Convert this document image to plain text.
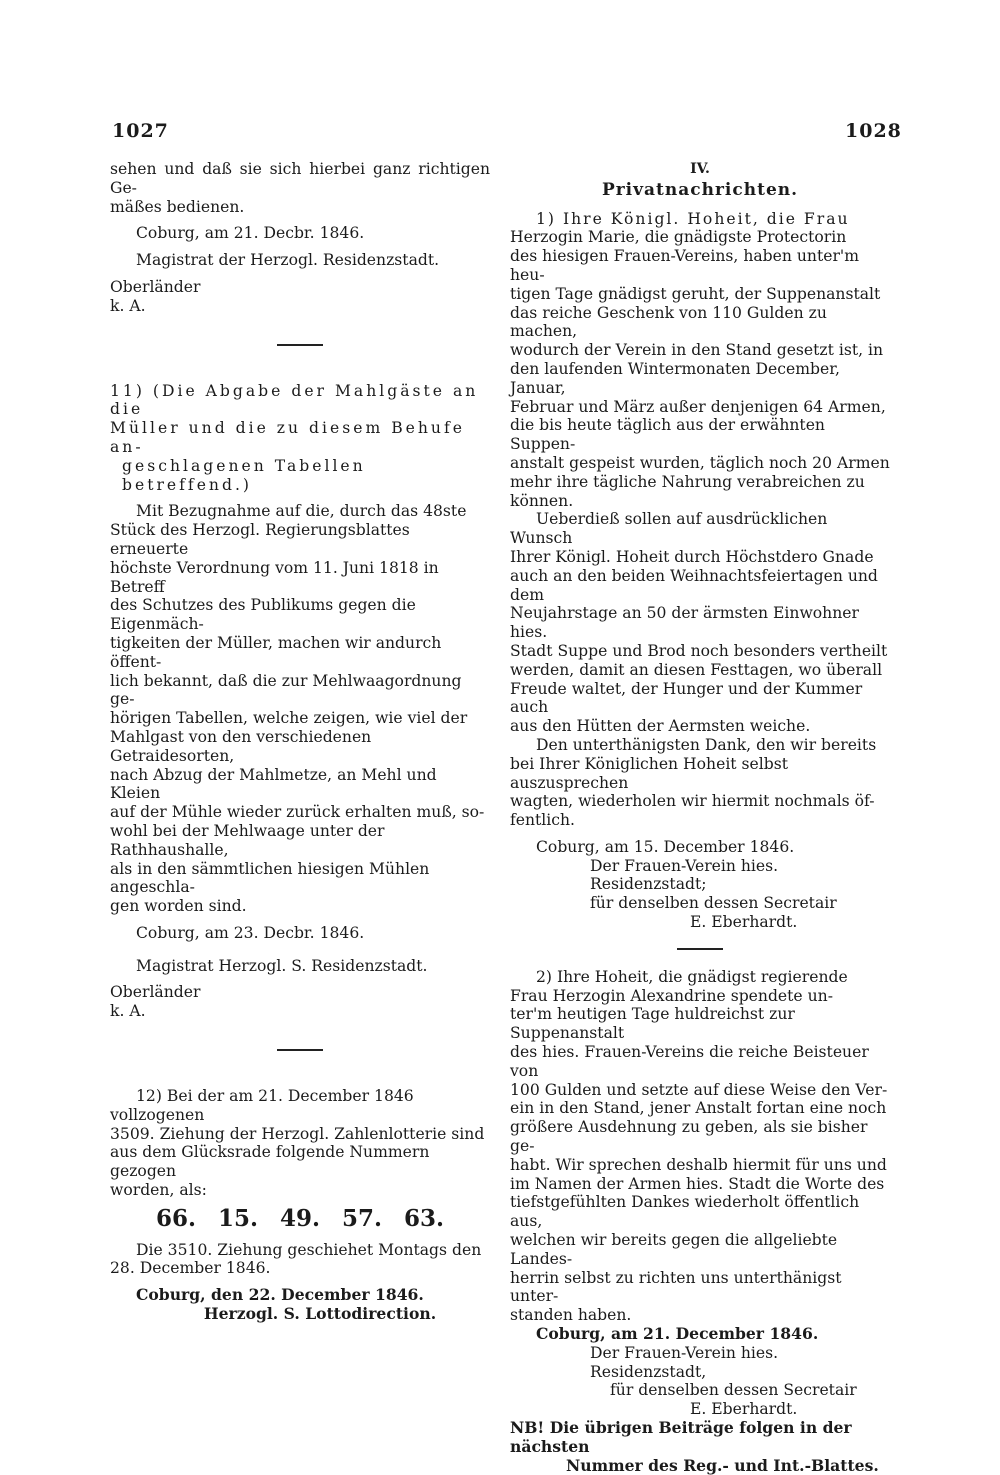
1027	1028

sehen und daß sie sich hierbei ganz richtigen Ge-

mäßes bedienen.

Coburg, am 21. Decbr. 1846.

Magistrat der Herzogl. Residenzstadt.

Oberländer

k. A.

11) (Die Abgabe der Mahlgäste an die

Müller und die zu diesem Behufe an-

geschlagenen Tabellen betreffend.)

Mit Bezugnahme auf die, durch das 48ste

Stück des Herzogl. Regierungsblattes erneuerte

höchste Verordnung vom 11. Juni 1818 in Betreff

des Schutzes des Publikums gegen die Eigenmäch-

tigkeiten der Müller, machen wir andurch öffent-

lich bekannt, daß die zur Mehlwaagordnung ge-

hörigen Tabellen, welche zeigen, wie viel der

Mahlgast von den verschiedenen Getraidesorten,

nach Abzug der Mahlmetze, an Mehl und Kleien

auf der Mühle wieder zurück erhalten muß, so-

wohl bei der Mehlwaage unter der Rathhaushalle,

als in den sämmtlichen hiesigen Mühlen angeschla-

gen worden sind.

Coburg, am 23. Decbr. 1846.

Magistrat Herzogl. S. Residenzstadt.

Oberländer

k. A.

12) Bei der am 21. December 1846 vollzogenen

3509. Ziehung der Herzogl. Zahlenlotterie sind

aus dem Glücksrade folgende Nummern gezogen

worden, als:

66. 15. 49. 57. 63.

Die 3510. Ziehung geschiehet Montags den

28. December 1846.

Coburg, den 22. December 1846.

Herzogl. S. Lottodirection.

IV.
Privatnachrichten.

1) Ihre Königl. Hoheit, die Frau

Herzogin Marie, die gnädigste Protectorin

des hiesigen Frauen-Vereins, haben unter'm heu-

tigen Tage gnädigst geruht, der Suppenanstalt

das reiche Geschenk von 110 Gulden zu machen,

wodurch der Verein in den Stand gesetzt ist, in

den laufenden Wintermonaten December, Januar,

Februar und März außer denjenigen 64 Armen,

die bis heute täglich aus der erwähnten Suppen-

anstalt gespeist wurden, täglich noch 20 Armen

mehr ihre tägliche Nahrung verabreichen zu

können.

Ueberdieß sollen auf ausdrücklichen Wunsch

Ihrer Königl. Hoheit durch Höchstdero Gnade

auch an den beiden Weihnachtsfeiertagen und dem

Neujahrstage an 50 der ärmsten Einwohner hies.

Stadt Suppe und Brod noch besonders vertheilt

werden, damit an diesen Festtagen, wo überall

Freude waltet, der Hunger und der Kummer auch

aus den Hütten der Aermsten weiche.

Den unterthänigsten Dank, den wir bereits

bei Ihrer Königlichen Hoheit selbst auszusprechen

wagten, wiederholen wir hiermit nochmals öf-

fentlich.

Coburg, am 15. December 1846.

Der Frauen-Verein hies. Residenzstadt;

für denselben dessen Secretair

E. Eberhardt.

2) Ihre Hoheit, die gnädigst regierende

Frau Herzogin Alexandrine spendete un-

ter'm heutigen Tage huldreichst zur Suppenanstalt

des hies. Frauen-Vereins die reiche Beisteuer von

100 Gulden und setzte auf diese Weise den Ver-

ein in den Stand, jener Anstalt fortan eine noch

größere Ausdehnung zu geben, als sie bisher ge-

habt. Wir sprechen deshalb hiermit für uns und

im Namen der Armen hies. Stadt die Worte des

tiefstgefühlten Dankes wiederholt öffentlich aus,

welchen wir bereits gegen die allgeliebte Landes-

herrin selbst zu richten uns unterthänigst unter-

standen haben.

Coburg, am 21. December 1846.

Der Frauen-Verein hies. Residenzstadt,

für denselben dessen Secretair

E. Eberhardt.

NB! Die übrigen Beiträge folgen in der nächsten

Nummer des Reg.- und Int.-Blattes.
